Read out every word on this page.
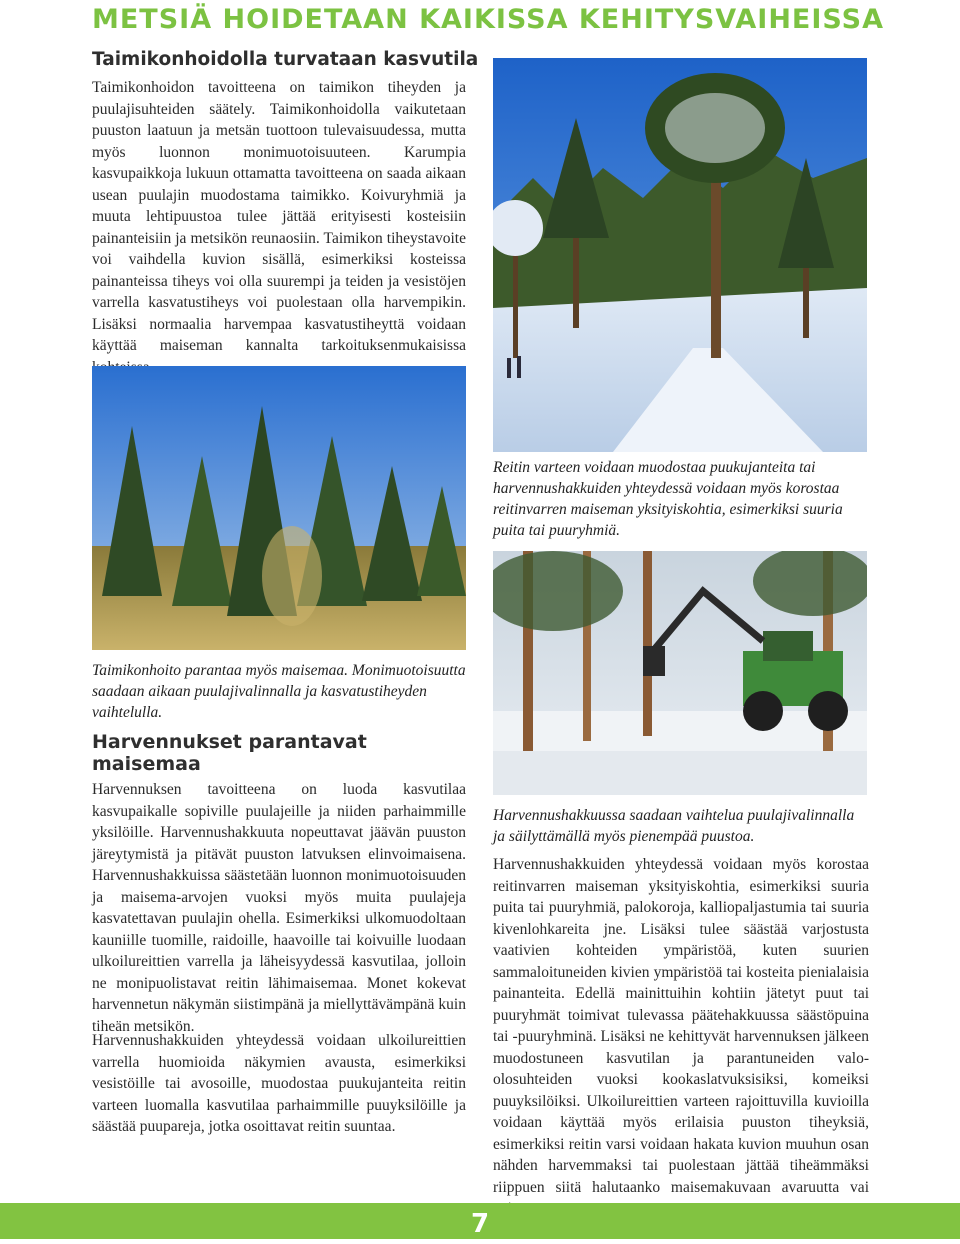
METSIÄ HOIDETAAN KAIKISSA KEHITYSVAIHEISSA
Taimikonhoidolla turvataan kasvutila

Taimikonhoidon tavoitteena on taimikon tiheyden ja puulajisuhteiden säätely. Taimikonhoidolla vaikutetaan puuston laatuun ja metsän tuottoon tulevaisuudessa, mutta myös luonnon monimuotoisuuteen. Karumpia kasvupaikkoja lukuun ottamatta tavoitteena on saada aikaan usean puulajin muodostama taimikko. Koivuryhmiä ja muuta lehtipuustoa tulee jättää erityisesti kosteisiin painanteisiin ja metsikön reunaosiin. Taimikon tiheystavoite voi vaihdella kuvion sisällä, esimerkiksi kosteissa painanteissa tiheys voi olla suurempi ja teiden ja vesistöjen varrella kasvatustiheys voi puolestaan olla harvempikin. Lisäksi normaalia harvempaa kasvatustiheyttä voidaan käyttää maiseman kannalta tarkoituksenmukaisissa

Reitin varteen voidaan muodostaa puukujanteita tai harvennushakkuiden yhteydessä voidaan myös korostaa reitinvarren maiseman yksityiskohtia, esimerkiksi suuria puita tai puuryhmiä.

Taimikonhoito parantaa myös maisemaa. Monimuotoisuutta saadaan aikaan puulajivalinnalla ja kasvatustiheyden vaihtelulla.

Harvennushakkuussa saadaan vaihtelua puulajivalinnalla ja säilyttämällä myös pienempää puustoa.

Harvennukset parantavat maisemaa

Harvennuksen tavoitteena on luoda kasvutilaa kasvupaikalle sopiville puulajeille ja niiden parhaimmille yksilöille. Harvennushakkuuta nopeuttavat jäävän puuston järeytymistä ja pitävät puuston latvuksen elinvoimaisena. Harvennushakkuissa säästetään luonnon monimuotoisuuden ja maisema-arvojen vuoksi myös muita puulajeja kasvatettavan puulajin ohella. Esimerkiksi ulkomuodoltaan kauniille tuomille, raidoille, haavoille tai koivuille luodaan ulkoilureittien varrella ja läheisyydessä kasvutilaa, jolloin ne monipuolistavat reitin lähimaisemaa. Monet kokevat harvennetun näkymän siistimpänä ja miellyttävämpänä kuin tiheän metsikön.

Harvennushakkuiden yhteydessä voidaan ulkoilureittien varrella huomioida näkymien avausta, esimerkiksi vesistöille tai avosoille, muodostaa puukujanteita reitin varteen luomalla kasvutilaa parhaimmille puuyksilöille ja säästää puupareja, jotka osoittavat reitin suuntaa.

Harvennushakkuiden yhteydessä voidaan myös korostaa reitinvarren maiseman yksityiskohtia, esimerkiksi suuria puita tai puuryhmiä, palokoroja, kalliopaljastumia tai suuria kivenlohkareita jne. Lisäksi tulee säästää varjostusta vaativien kohteiden ympäristöä, kuten suurien sammaloituneiden kivien ympäristöä tai kosteita pienialaisia painanteita. Edellä mainittuihin kohtiin jätetyt puut tai puuryhmät toimivat tulevassa päätehakkuussa säästöpuina tai -puuryhminä. Lisäksi ne kehittyvät harvennuksen jälkeen muodostuneen kasvutilan ja parantuneiden valo-olosuhteiden vuoksi kookaslatvuksisiksi, komeiksi puuyksilöiksi. Ulkoilureittien varteen rajoittuvilla kuvioilla voidaan käyttää myös erilaisia puuston tiheyksiä, esimerkiksi reitin varsi voidaan hakata kuvion muuhun osan nähden harvemmaksi tai puolestaan jättää tiheämmäksi riippuen siitä halutaanko maisemakuvaan avaruutta vai

7
